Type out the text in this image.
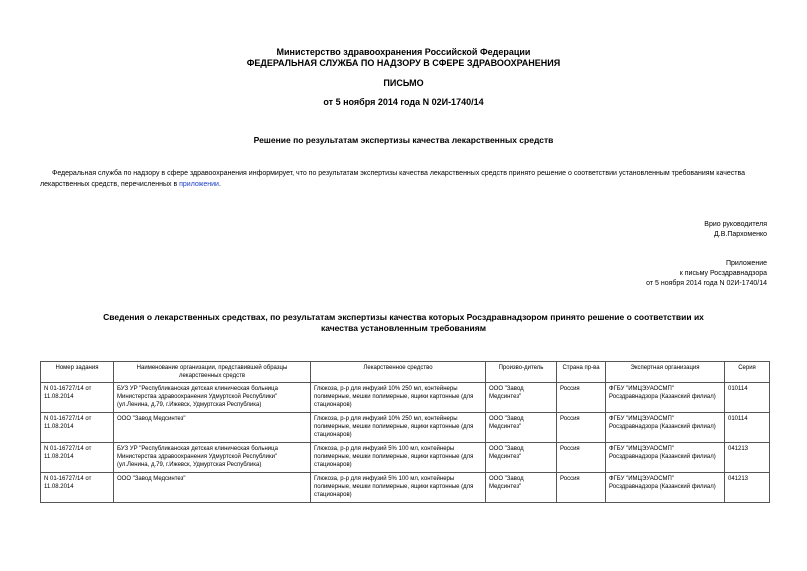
Министерство здравоохранения Российской Федерации
ФЕДЕРАЛЬНАЯ СЛУЖБА ПО НАДЗОРУ В СФЕРЕ ЗДРАВООХРАНЕНИЯ
ПИСЬМО
от 5 ноября 2014 года N 02И-1740/14
Решение по результатам экспертизы качества лекарственных средств
Федеральная служба по надзору в сфере здравоохранения информирует, что по результатам экспертизы качества лекарственных средств принято решение о соответствии установленным требованиям качества лекарственных средств, перечисленных в приложении.
Врио руководителя
Д.В.Пархоменко
Приложение
к письму Росздравнадзора
от 5 ноября 2014 года N 02И-1740/14
Сведения о лекарственных средствах, по результатам экспертизы качества которых Росздравнадзором принято решение о соответствии их качества установленным требованиям
Номер задания	Наименование организации, представившей образцы лекарственных средств	Лекарственное средство	Произво-дитель	Страна пр-ва	Экспертная организация	Серия
N 01-16727/14 от 11.08.2014	БУЗ УР "Республиканская детская клиническая больница Министерства здравоохранения Удмуртской Республики" (ул.Ленина, д.79, г.Ижевск, Удмуртская Республика)	Глюкоза, р-р для инфузий 10% 250 мл, контейнеры полимерные, мешки полимерные, ящики картонные (для стационаров)	ООО "Завод Медсинтез"	Россия	ФГБУ "ИМЦЭУАОСМП" Росздравнадзора (Казанский филиал)	010114
N 01-16727/14 от 11.08.2014	ООО "Завод Медсинтез"	Глюкоза, р-р для инфузий 10% 250 мл, контейнеры полимерные, мешки полимерные, ящики картонные (для стационаров)	ООО "Завод Медсинтез"	Россия	ФГБУ "ИМЦЭУАОСМП" Росздравнадзора (Казанский филиал)	010114
N 01-16727/14 от 11.08.2014	БУЗ УР "Республиканская детская клиническая больница Министерства здравоохранения Удмуртской Республики" (ул.Ленина, д.79, г.Ижевск, Удмуртская Республика)	Глюкоза, р-р для инфузий 5% 100 мл, контейнеры полимерные, мешки полимерные, ящики картонные (для стационаров)	ООО "Завод Медсинтез"	Россия	ФГБУ "ИМЦЭУАОСМП" Росздравнадзора (Казанский филиал)	041213
N 01-16727/14 от 11.08.2014	ООО "Завод Медсинтез"	Глюкоза, р-р для инфузий 5% 100 мл, контейнеры полимерные, мешки полимерные, ящики картонные (для стационаров)	ООО "Завод Медсинтез"	Россия	ФГБУ "ИМЦЭУАОСМП" Росздравнадзора (Казанский филиал)	041213
